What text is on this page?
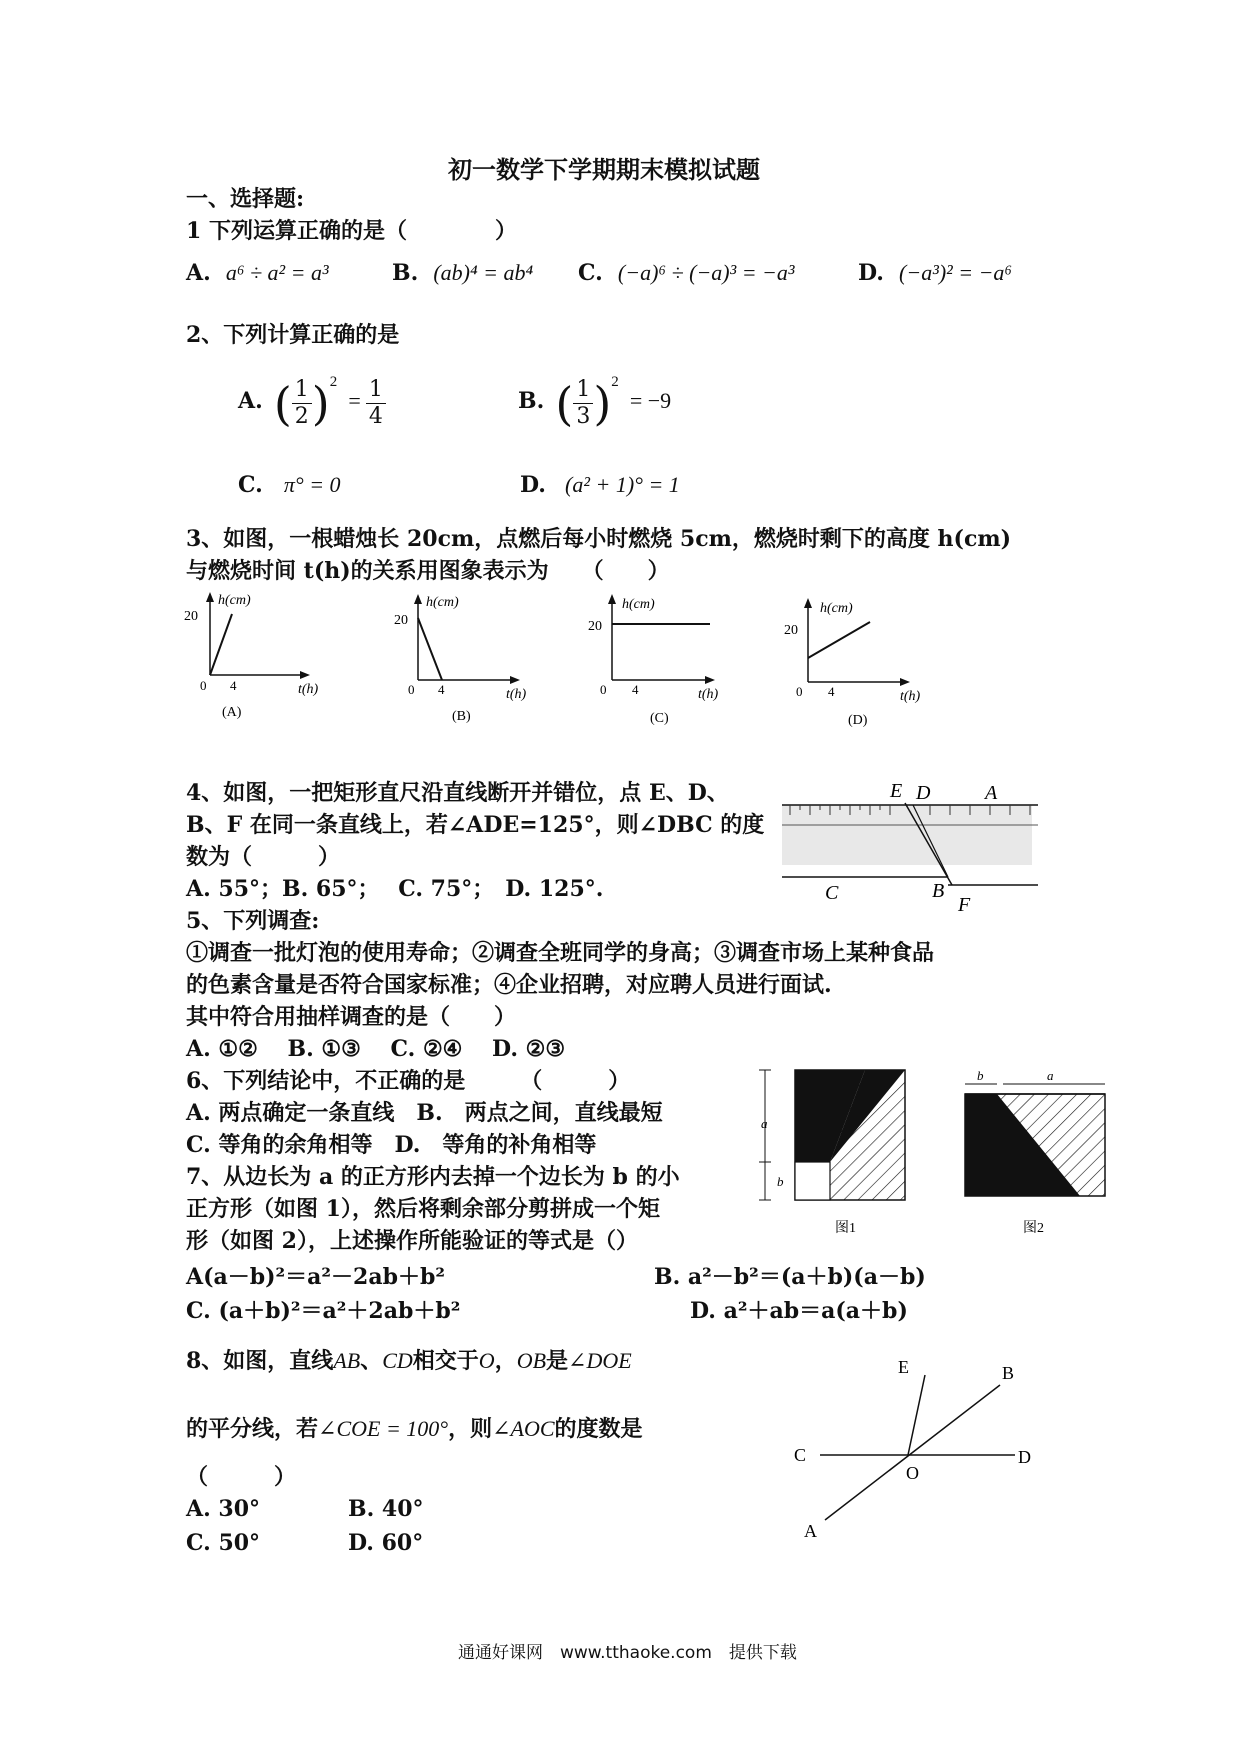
初一数学下学期期末模拟试题
一、选择题:
1 下列运算正确的是（　　　　）
A. a⁶ ÷ a² = a³	B. (ab)⁴ = ab⁴ C. (−a)⁶ ÷ (−a)³ = −a³	D. (−a³)² = −a⁶
2、下列计算正确的是
A. ( $\frac{1}{2} )^2 = \frac{1}{4}$	B. ( $\frac{1}{3} )^2 = -9$
C. π° = 0	D. (a² + 1)° = 1
3、如图，一根蜡烛长 20cm，点燃后每小时燃烧 5cm，燃烧时剩下的高度 h(cm)
与燃烧时间 t(h)的关系用图象表示为　　（　　）
20
0 4
h(cm)
t(h)
(A)
20
0 4
h(cm)
t(h)
(B)
20
0 4
h(cm)
t(h)
(C)
20
0 4
h(cm)
t(h)
(D)
4、如图，一把矩形直尺沿直线断开并错位，点 E、D、
B、F 在同一条直线上，若∠ADE=125°，则∠DBC 的度
数为（　　　）
A. 55°；B. 65°；　 C. 75°；　D. 125°.
E D	A
C	B
F
5、下列调查:
①调查一批灯泡的使用寿命；②调查全班同学的身高；③调查市场上某种食品
的色素含量是否符合国家标准；④企业招聘，对应聘人员进行面试.
其中符合用抽样调查的是（　　）
A. ①②　 B. ①③　 C. ②④　 D. ②③
6、下列结论中，不正确的是　　　（　　　）
A. 两点确定一条直线　B.　两点之间，直线最短
C. 等角的余角相等　D.　等角的补角相等
7、从边长为 a 的正方形内去掉一个边长为 b 的小
正方形（如图 1），然后将剩余部分剪拼成一个矩
形（如图 2），上述操作所能验证的等式是（）
A(a－b)²＝a²－2ab＋b²	B. a²－b²＝(a＋b)(a－b)
C. (a＋b)²＝a²＋2ab＋b²	D. a²＋ab＝a(a＋b)
a
b
图1
b	a
图2
8、如图，直线AB、CD相交于O，OB是∠DOE
的平分线，若∠COE = 100°，则∠AOC的度数是
（　　　）
A. 30°	B. 40°
C. 50°	D. 60°
E	B
C
O
D
A
通通好课网　www.tthaoke.com　提供下载
